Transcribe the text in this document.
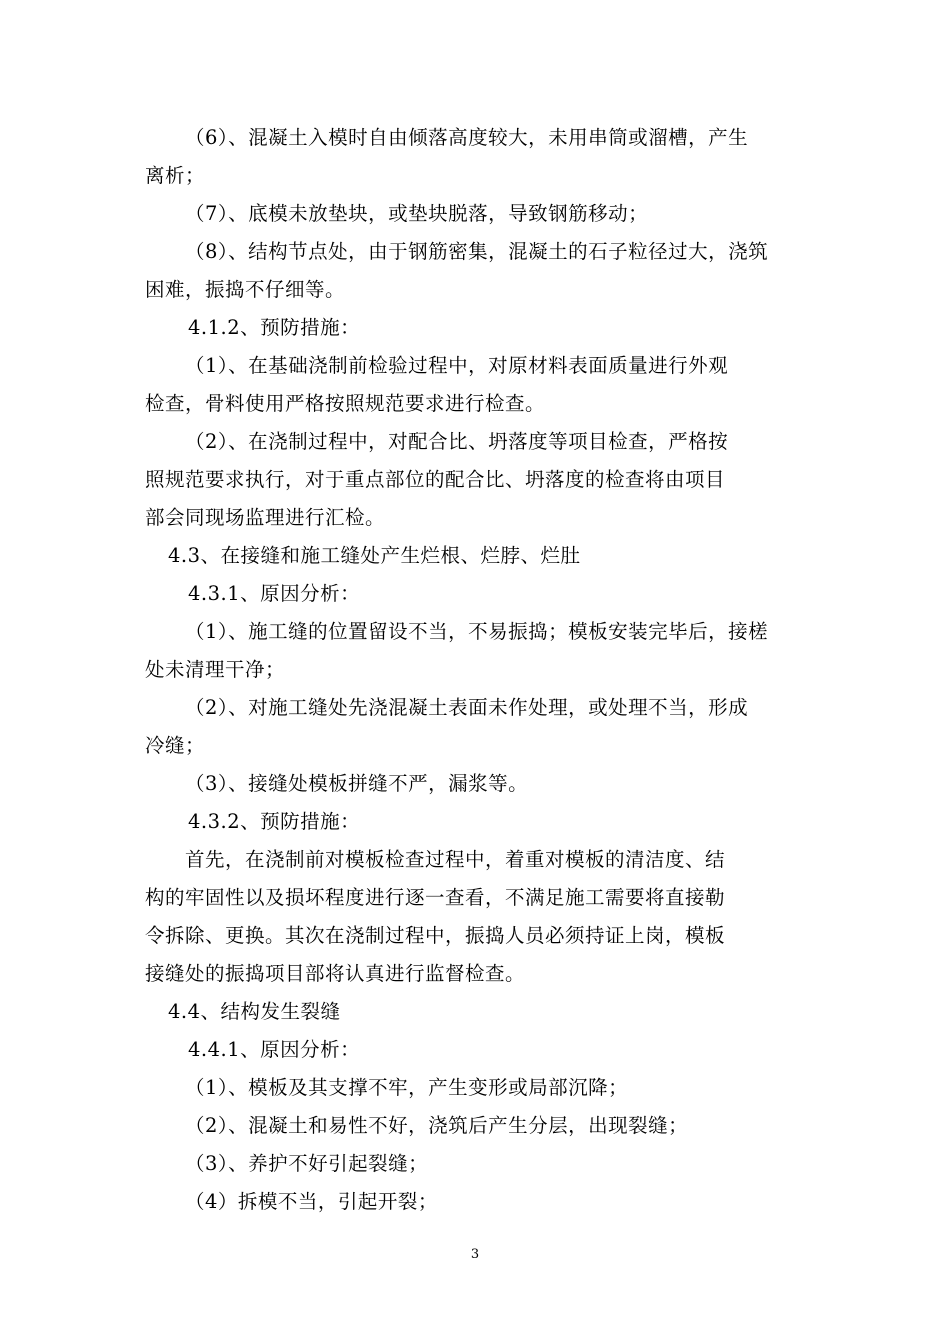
（6）、混凝土入模时自由倾落高度较大，未用串筒或溜槽，产生
离析；
（7）、底模未放垫块，或垫块脱落，导致钢筋移动；
（8）、结构节点处，由于钢筋密集，混凝土的石子粒径过大，浇筑
困难，振捣不仔细等。
4.1.2、预防措施：
（1）、在基础浇制前检验过程中，对原材料表面质量进行外观
检查，骨料使用严格按照规范要求进行检查。
（2）、在浇制过程中，对配合比、坍落度等项目检查，严格按
照规范要求执行，对于重点部位的配合比、坍落度的检查将由项目
部会同现场监理进行汇检。
4.3、在接缝和施工缝处产生烂根、烂脖、烂肚
4.3.1、原因分析：
（1）、施工缝的位置留设不当，不易振捣；模板安装完毕后，接槎
处未清理干净；
（2）、对施工缝处先浇混凝土表面未作处理，或处理不当，形成
冷缝；
（3）、接缝处模板拼缝不严，漏浆等。
4.3.2、预防措施：
首先，在浇制前对模板检查过程中，着重对模板的清洁度、结
构的牢固性以及损坏程度进行逐一查看，不满足施工需要将直接勒
令拆除、更换。其次在浇制过程中，振捣人员必须持证上岗，模板
接缝处的振捣项目部将认真进行监督检查。
4.4、结构发生裂缝
4.4.1、原因分析：
（1）、模板及其支撑不牢，产生变形或局部沉降；
（2）、混凝土和易性不好，浇筑后产生分层，出现裂缝；
（3）、养护不好引起裂缝；
（4）拆模不当，引起开裂；
3
